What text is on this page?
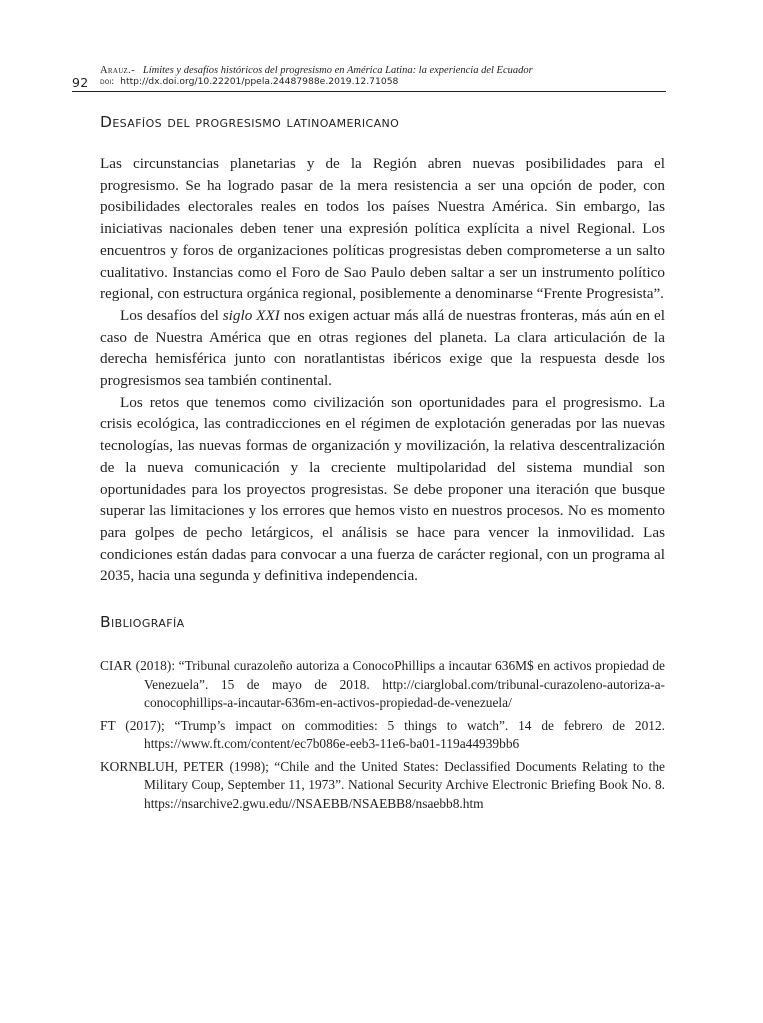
92
Arauz.- Límites y desafíos históricos del progresismo en América Latina: la experiencia del Ecuador
doi: http://dx.doi.org/10.22201/ppela.24487988e.2019.12.71058
Desafíos del progresismo latinoamericano

Las circunstancias planetarias y de la Región abren nuevas posibilidades para el progresismo. Se ha logrado pasar de la mera resistencia a ser una opción de poder, con posibilidades electorales reales en todos los países Nuestra América. Sin embargo, las iniciativas nacionales deben tener una expresión política explícita a nivel Regional. Los encuentros y foros de organizaciones políticas progresistas deben comprometerse a un salto cualitativo. Instancias como el Foro de Sao Paulo deben saltar a ser un instrumento político regional, con estructura orgánica regional, posiblemente a denominarse “Frente Progresista”.

Los desafíos del siglo XXI nos exigen actuar más allá de nuestras fronteras, más aún en el caso de Nuestra América que en otras regiones del planeta. La clara articulación de la derecha hemisférica junto con noratlantistas ibéricos exige que la respuesta desde los progresismos sea también continental.

Los retos que tenemos como civilización son oportunidades para el progresismo. La crisis ecológica, las contradicciones en el régimen de explotación generadas por las nuevas tecnologías, las nuevas formas de organización y movilización, la relativa descentralización de la nueva comunicación y la creciente multipolaridad del sistema mundial son oportunidades para los proyectos progresistas. Se debe proponer una iteración que busque superar las limitaciones y los errores que hemos visto en nuestros procesos. No es momento para golpes de pecho letárgicos, el análisis se hace para vencer la inmovilidad. Las condiciones están dadas para convocar a una fuerza de carácter regional, con un programa al 2035, hacia una segunda y definitiva independencia.

Bibliografía
CIAR (2018): “Tribunal curazoleño autoriza a ConocoPhillips a incautar 636M$ en activos propiedad de Venezuela”. 15 de mayo de 2018. http://ciarglobal.com/tribunal-curazoleno-autoriza-a-conocophillips-a-incautar-636m-en-activos-propiedad-de-venezuela/
FT (2017); “Trump’s impact on commodities: 5 things to watch”. 14 de febrero de 2012. https://www.ft.com/content/ec7b086e-eeb3-11e6-ba01-119a44939bb6
KORNBLUH, PETER (1998); “Chile and the United States: Declassified Documents Relating to the Military Coup, September 11, 1973”. National Security Archive Electronic Briefing Book No. 8. https://nsarchive2.gwu.edu//NSAEBB/NSAEBB8/nsaebb8.htm
